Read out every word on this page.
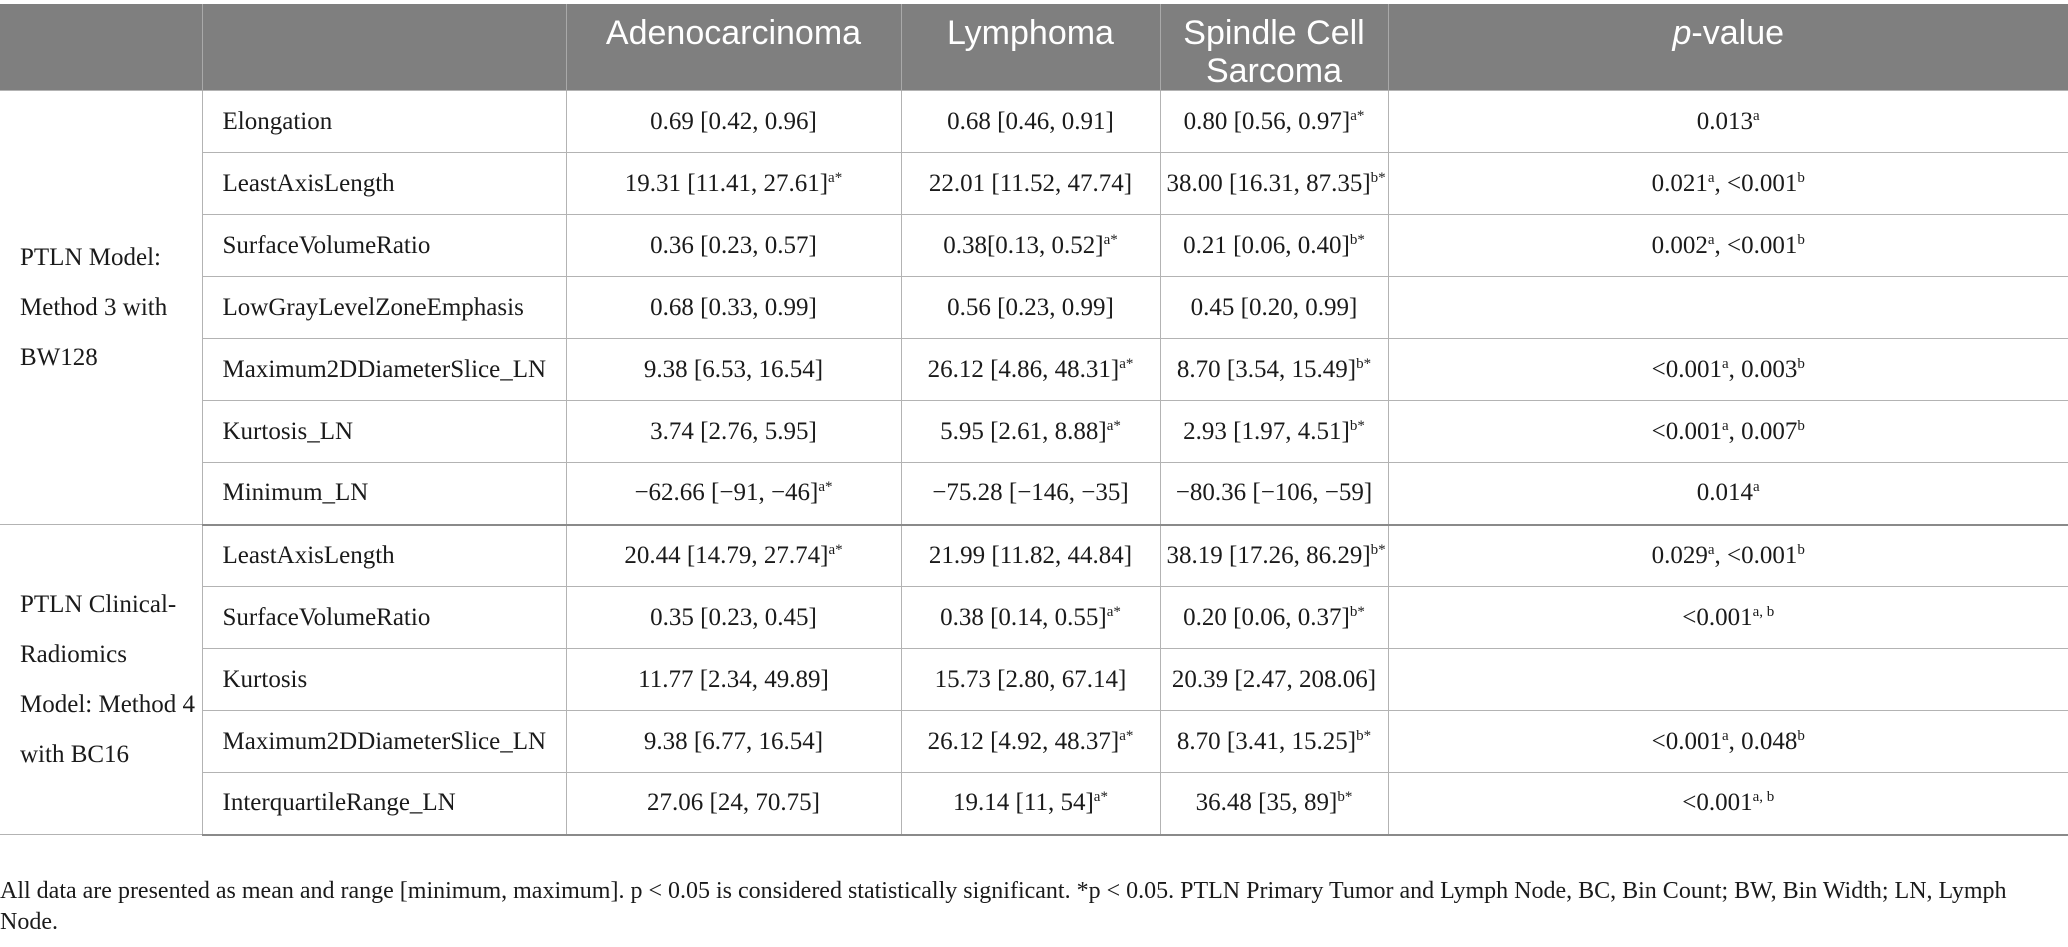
		Adenocarcinoma	Lymphoma	Spindle Cell Sarcoma	p-value
PTLN Model: Method 3 with BW128	Elongation	0.69 [0.42, 0.96]	0.68 [0.46, 0.91]	0.80 [0.56, 0.97]$^{a*}$	0.013$^a$
	LeastAxisLength	19.31 [11.41, 27.61]$^{a*}$	22.01 [11.52, 47.74]	38.00 [16.31, 87.35]$^{b*}$	0.021$^a$, <0.001$^b$
	SurfaceVolumeRatio	0.36 [0.23, 0.57]	0.38[0.13, 0.52]$^{a*}$	0.21 [0.06, 0.40]$^{b*}$	0.002$^a$, <0.001$^b$
	LowGrayLevelZoneEmphasis	0.68 [0.33, 0.99]	0.56 [0.23, 0.99]	0.45 [0.20, 0.99]	
	Maximum2DDiameterSlice_LN	9.38 [6.53, 16.54]	26.12 [4.86, 48.31]$^{a*}$	8.70 [3.54, 15.49]$^{b*}$	<0.001$^a$, 0.003$^b$
	Kurtosis_LN	3.74 [2.76, 5.95]	5.95 [2.61, 8.88]$^{a*}$	2.93 [1.97, 4.51]$^{b*}$	<0.001$^a$, 0.007$^b$
	Minimum_LN	−62.66 [−91, −46]$^{a*}$	−75.28 [−146, −35]	−80.36 [−106, −59]	0.014$^a$
PTLN Clinical-Radiomics Model: Method 4 with BC16	LeastAxisLength	20.44 [14.79, 27.74]$^{a*}$	21.99 [11.82, 44.84]	38.19 [17.26, 86.29]$^{b*}$	0.029$^a$, <0.001$^b$
	SurfaceVolumeRatio	0.35 [0.23, 0.45]	0.38 [0.14, 0.55]$^{a*}$	0.20 [0.06, 0.37]$^{b*}$	$<0.001^{a, b}$
	Kurtosis	11.77 [2.34, 49.89]	15.73 [2.80, 67.14]	20.39 [2.47, 208.06]	
	Maximum2DDiameterSlice_LN	9.38 [6.77, 16.54]	26.12 [4.92, 48.37]$^{a*}$	8.70 [3.41, 15.25]$^{b*}$	<0.001$^a$, 0.048$^b$
	InterquartileRange_LN	27.06 [24, 70.75]	19.14 [11, 54]$^{a*}$	36.48 [35, 89]$^{b*}$	$<0.001^{a, b}$
All data are presented as mean and range [minimum, maximum]. p < 0.05 is considered statistically significant. *p < 0.05. PTLN Primary Tumor and Lymph Node, BC, Bin Count; BW, Bin Width; LN, Lymph Node.
